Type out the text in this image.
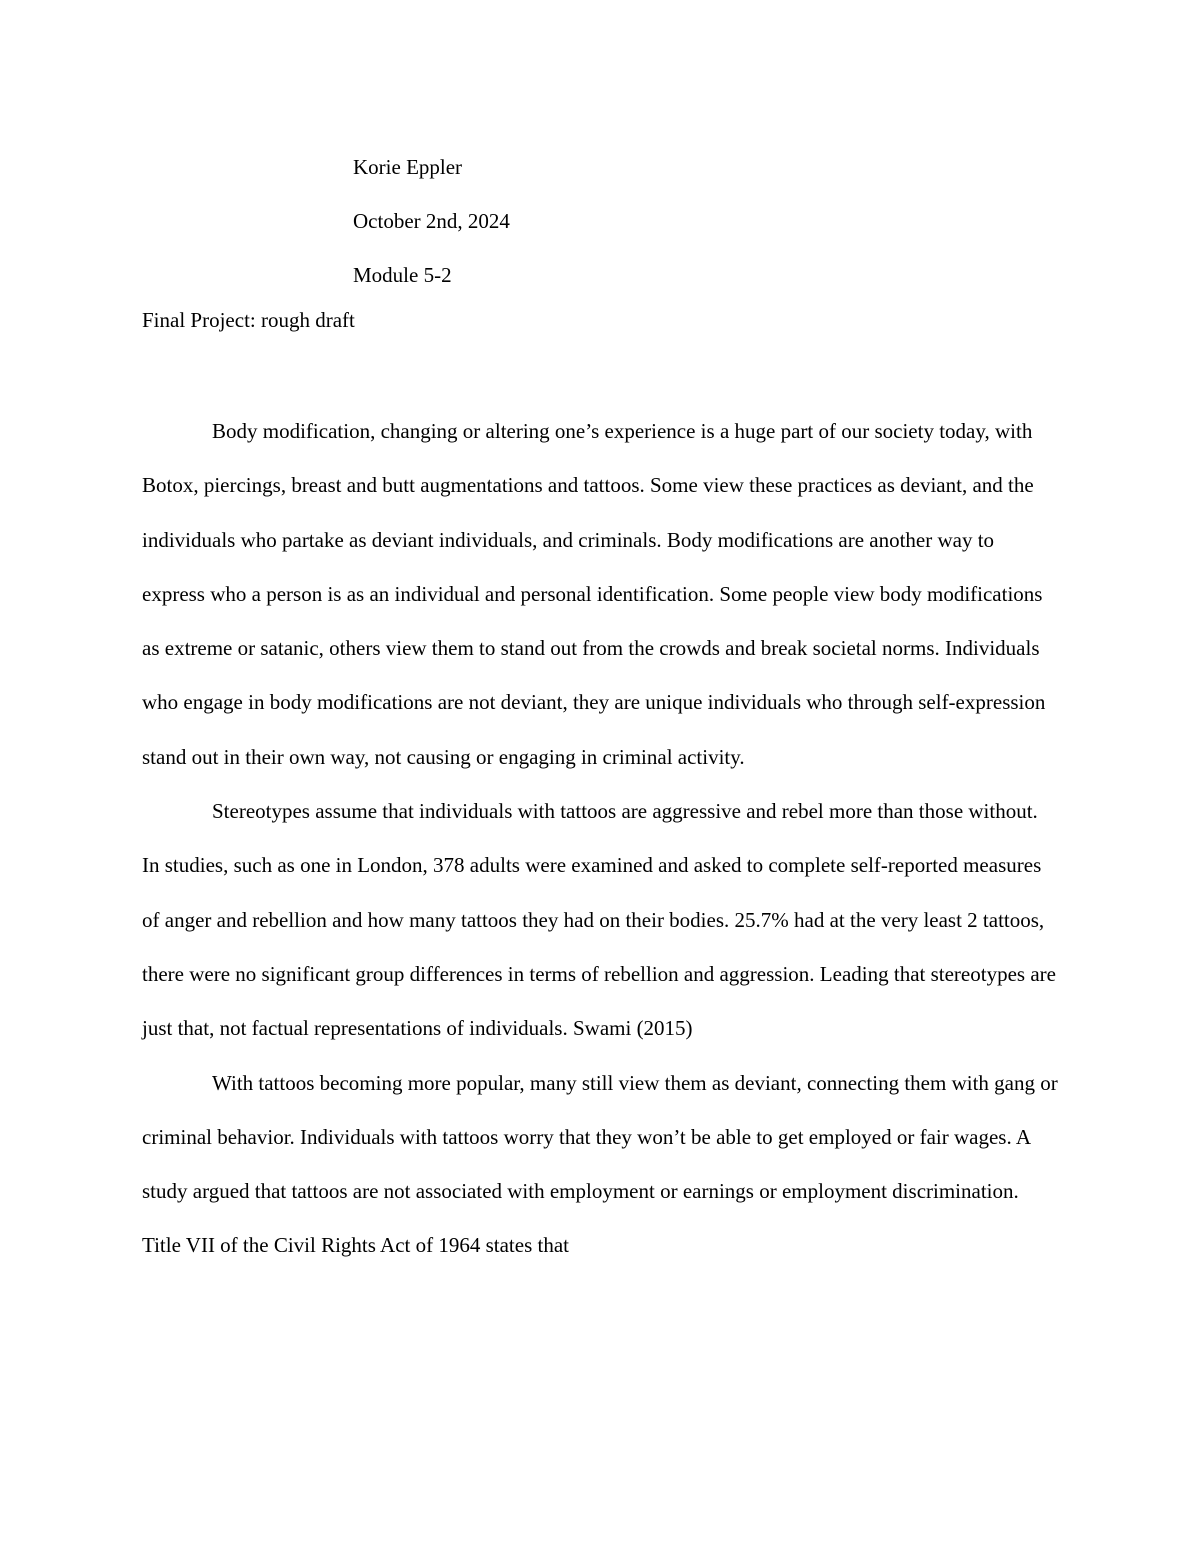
Korie Eppler
October 2nd, 2024
Module 5-2
Final Project: rough draft

Body modification, changing or altering one’s experience is a huge part of our society today, with Botox, piercings, breast and butt augmentations and tattoos. Some view these practices as deviant, and the individuals who partake as deviant individuals, and criminals. Body modifications are another way to express who a person is as an individual and personal identification. Some people view body modifications as extreme or satanic, others view them to stand out from the crowds and break societal norms. Individuals who engage in body modifications are not deviant, they are unique individuals who through self-expression stand out in their own way, not causing or engaging in criminal activity.

Stereotypes assume that individuals with tattoos are aggressive and rebel more than those without. In studies, such as one in London, 378 adults were examined and asked to complete self-reported measures of anger and rebellion and how many tattoos they had on their bodies. 25.7% had at the very least 2 tattoos, there were no significant group differences in terms of rebellion and aggression. Leading that stereotypes are just that, not factual representations of individuals. Swami (2015)

With tattoos becoming more popular, many still view them as deviant, connecting them with gang or criminal behavior. Individuals with tattoos worry that they won’t be able to get employed or fair wages. A study argued that tattoos are not associated with employment or earnings or employment discrimination. Title VII of the Civil Rights Act of 1964 states that
